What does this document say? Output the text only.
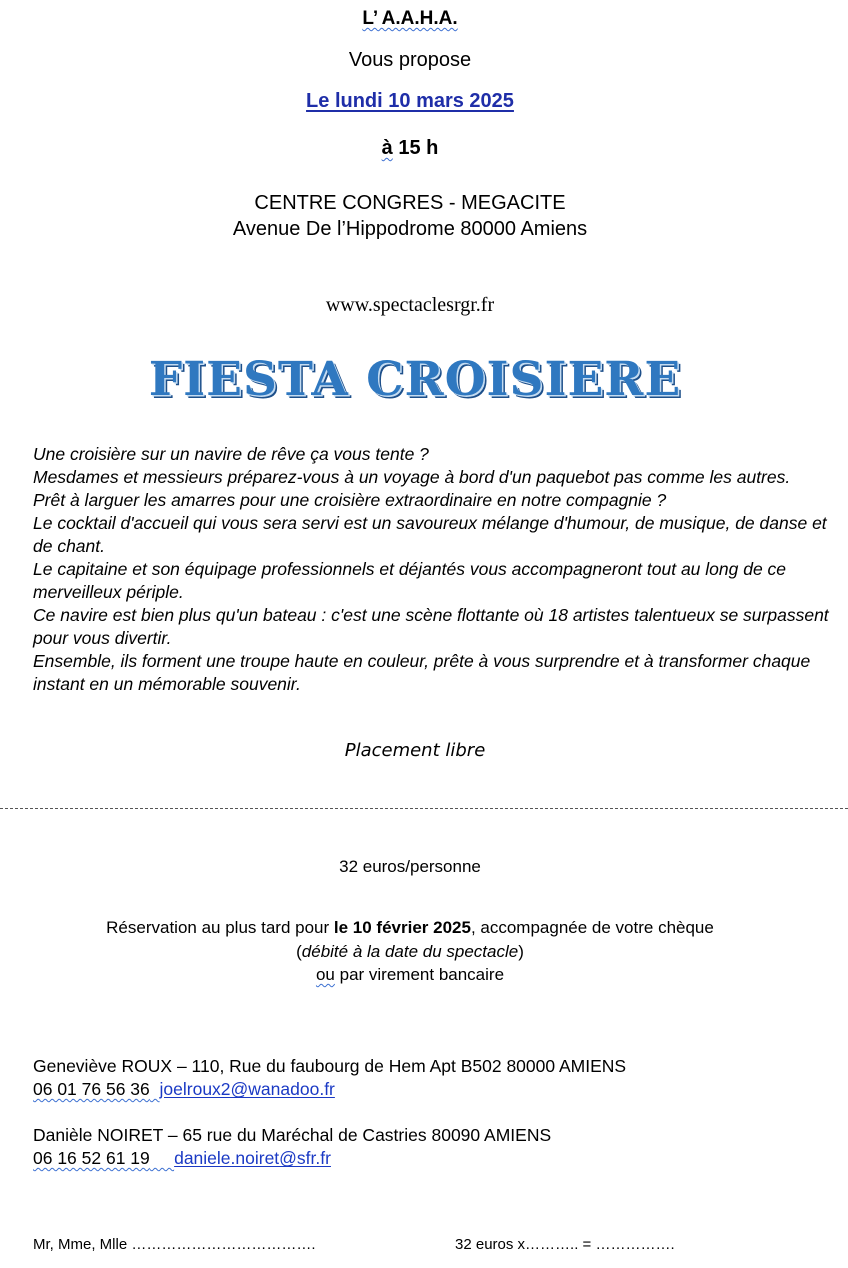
L’ A.A.H.A.
Vous propose
Le lundi 10 mars 2025
à 15 h
CENTRE CONGRES - MEGACITE
Avenue De l’Hippodrome 80000 Amiens
www.spectaclesrgr.fr
FIESTA CROISIERE

Une croisière sur un navire de rêve ça vous tente ?

Mesdames et messieurs préparez-vous à un voyage à bord d'un paquebot pas comme les autres.

Prêt à larguer les amarres pour une croisière extraordinaire en notre compagnie ?

Le cocktail d'accueil qui vous sera servi est un savoureux mélange d'humour, de musique, de danse et de chant.

Le capitaine et son équipage professionnels et déjantés vous accompagneront tout au long de ce merveilleux périple.

Ce navire est bien plus qu'un bateau : c'est une scène flottante où 18 artistes talentueux se surpassent pour vous divertir.

Ensemble, ils forment une troupe haute en couleur, prête à vous surprendre et à transformer chaque instant en un mémorable souvenir.

Placement libre
32 euros/personne
Réservation au plus tard pour le 10 février 2025, accompagnée de votre chèque
(débité à la date du spectacle)
ou par virement bancaire
Geneviève ROUX – 110, Rue du faubourg de Hem Apt B502 80000 AMIENS
06 01 76 56 36 joelroux2@wanadoo.fr
Danièle NOIRET – 65 rue du Maréchal de Castries 80090 AMIENS
06 16 52 61 19 daniele.noiret@sfr.fr
Mr, Mme, Mlle ……………………………….	32 euros x……….. = …………….
